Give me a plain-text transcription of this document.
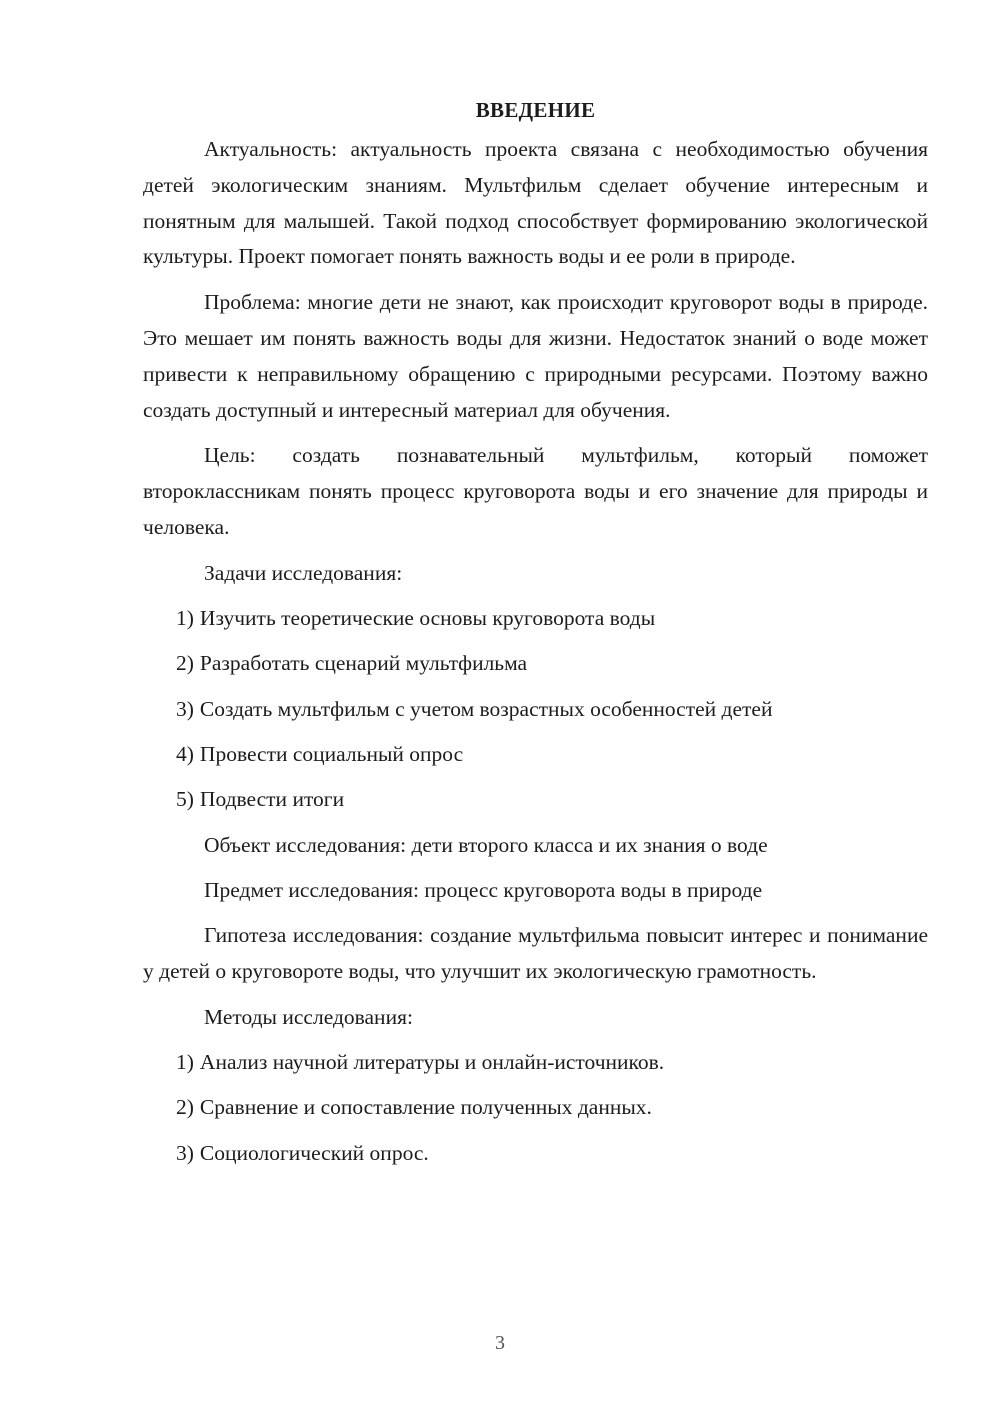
ВВЕДЕНИЕ

Актуальность: актуальность проекта связана с необходимостью обучения детей экологическим знаниям. Мультфильм сделает обучение интересным и понятным для малышей. Такой подход способствует формированию экологической культуры. Проект помогает понять важность воды и ее роли в природе.

Проблема: многие дети не знают, как происходит круговорот воды в природе. Это мешает им понять важность воды для жизни. Недостаток знаний о воде может привести к неправильному обращению с природными ресурсами. Поэтому важно создать доступный и интересный материал для обучения.

Цель: создать познавательный мультфильм, который поможет второклассникам понять процесс круговорота воды и его значение для природы и человека.

Задачи исследования:

1) Изучить теоретические основы круговорота воды
2) Разработать сценарий мультфильма
3) Создать мультфильм с учетом возрастных особенностей детей
4) Провести социальный опрос
5) Подвести итоги

Объект исследования: дети второго класса и их знания о воде

Предмет исследования: процесс круговорота воды в природе

Гипотеза исследования: создание мультфильма повысит интерес и понимание у детей о круговороте воды, что улучшит их экологическую грамотность.

Методы исследования:

1) Анализ научной литературы и онлайн-источников.
2) Сравнение и сопоставление полученных данных.
3) Социологический опрос.
3
